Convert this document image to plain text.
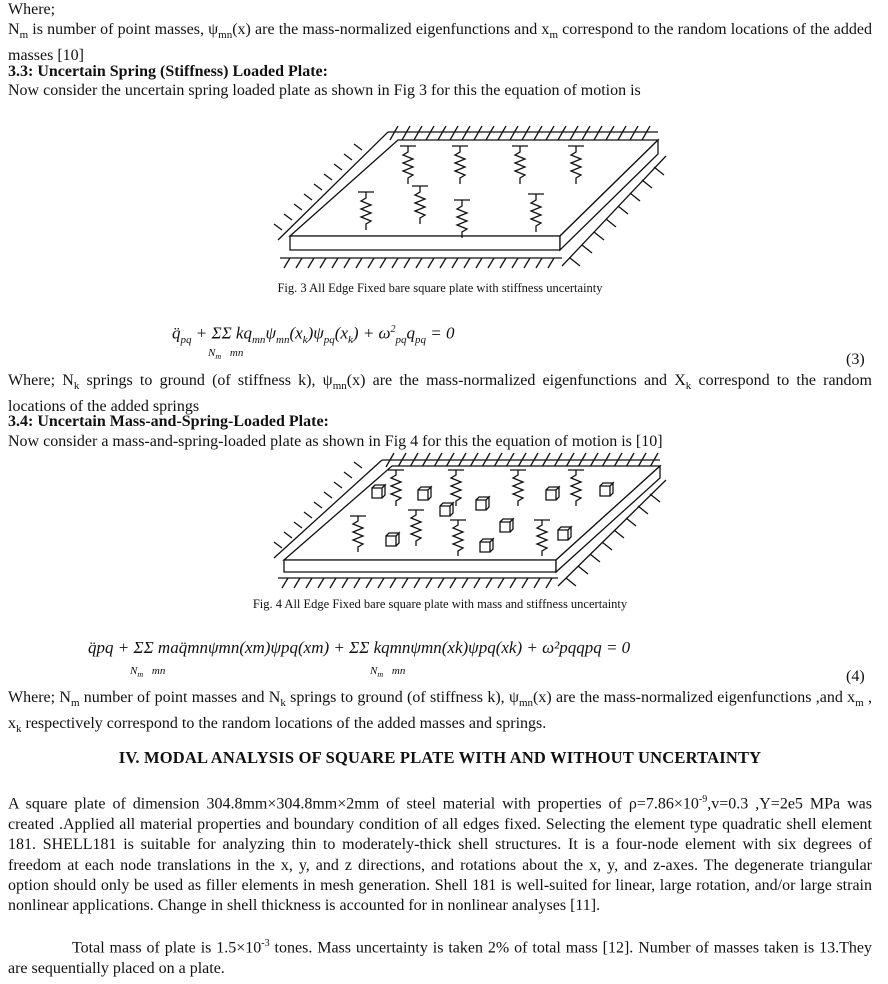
Where;
$N_m$ is number of point masses, $\psi_{mn}(x)$ are the mass-normalized eigenfunctions and $x_m$ correspond to the random locations of the added masses [10]
3.3: Uncertain Spring (Stiffness) Loaded Plate:
Now consider the uncertain spring loaded plate as shown in Fig 3 for this the equation of motion is
Fig. 3 All Edge Fixed bare square plate with stiffness uncertainty
$q̈_{pq} + \Sigma\Sigma$ $kq_{mn}\psi_{mn}(x_k)\psi_{pq}(x_k) + \omega^2_{pq}q_{pq} = 0$
$N_m$ mn	(3)
Where; $N_k$ springs to ground (of stiffness k), $\psi_{mn}(x)$ are the mass-normalized eigenfunctions and $X_k$ correspond to the random locations of the added springs
3.4: Uncertain Mass-and-Spring-Loaded Plate:
Now consider a mass-and-spring-loaded plate as shown in Fig 4 for this the equation of motion is [10]
Fig. 4 All Edge Fixed bare square plate with mass and stiffness uncertainty
q̈pq + ΣΣ maq̈mnψmn(xm)ψpq(xm) + ΣΣ kqmnψmn(xk)ψpq(xk) + ω²pqqpq = 0
$N_m$ mn	$N_m$ mn	(4)
Where; $N_m$ number of point masses and $N_k$ springs to ground (of stiffness k), $\psi_{mn}(x)$ are the mass-normalized eigenfunctions ,and $x_m$ , $x_k$ respectively correspond to the random locations of the added masses and springs.
IV. MODAL ANALYSIS OF SQUARE PLATE WITH AND WITHOUT UNCERTAINTY
A square plate of dimension 304.8mm×304.8mm×2mm of steel material with properties of $\rho=7.86\times 10^{-9},v=0.3$ ,Y=2e5 MPa was created .Applied all material properties and boundary condition of all edges fixed. Selecting the element type quadratic shell element 181. SHELL181 is suitable for analyzing thin to moderately-thick shell structures. It is a four-node element with six degrees of freedom at each node translations in the x, y, and z directions, and rotations about the x, y, and z-axes. The degenerate triangular option should only be used as filler elements in mesh generation. Shell 181 is well-suited for linear, large rotation, and/or large strain nonlinear applications. Change in shell thickness is accounted for in nonlinear analyses [11].
Total mass of plate is $1.5\times 10^{-3}$ tones. Mass uncertainty is taken 2% of total mass [12]. Number of masses taken is 13.They are sequentially placed on a plate.
